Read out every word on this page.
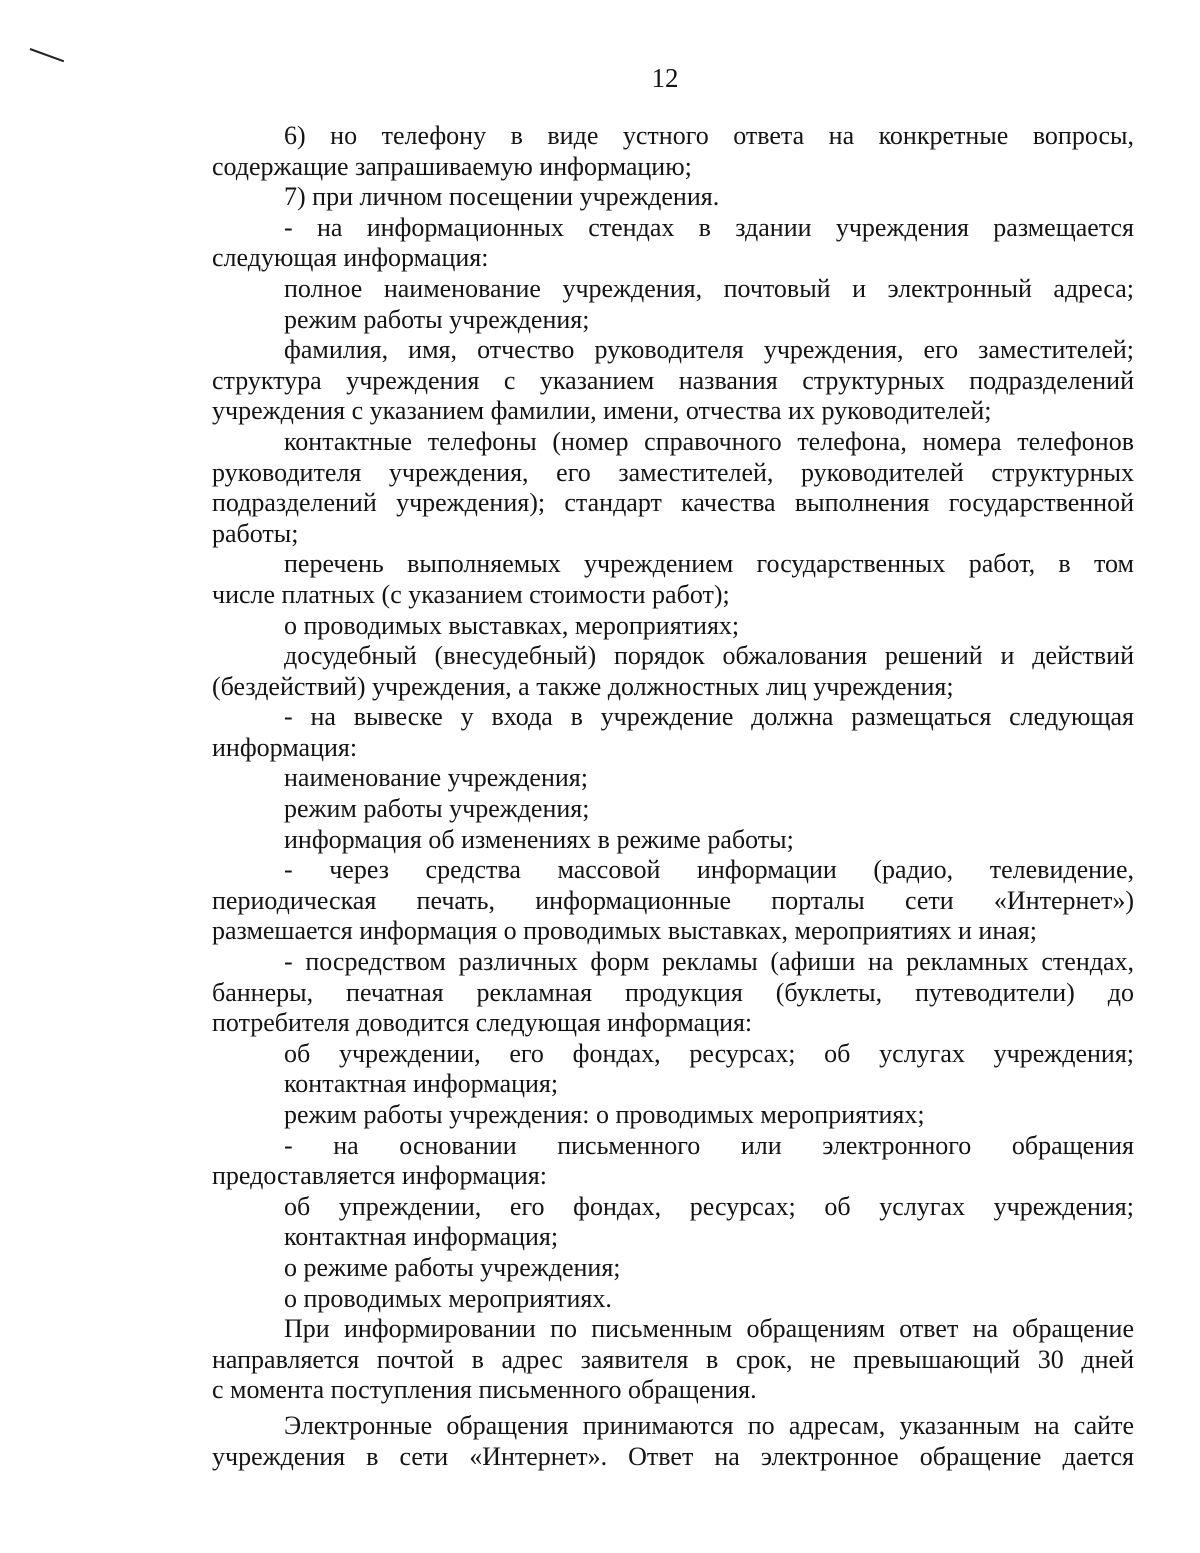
12
6) но телефону в виде устного ответа на конкретные вопросы,
содержащие запрашиваемую информацию;
7) при личном посещении учреждения.
- на информационных стендах в здании учреждения размещается
следующая информация:
полное наименование учреждения, почтовый и электронный адреса;
режим работы учреждения;
фамилия, имя, отчество руководителя учреждения, его заместителей;
структура учреждения с указанием названия структурных подразделений
учреждения с указанием фамилии, имени, отчества их руководителей;
контактные телефоны (номер справочного телефона, номера телефонов
руководителя учреждения, его заместителей, руководителей структурных
подразделений учреждения); стандарт качества выполнения государственной
работы;
перечень выполняемых учреждением государственных работ, в том
числе платных (с указанием стоимости работ);
о проводимых выставках, мероприятиях;
досудебный (внесудебный) порядок обжалования решений и действий
(бездействий) учреждения, а также должностных лиц учреждения;
- на вывеске у входа в учреждение должна размещаться следующая
информация:
наименование учреждения;
режим работы учреждения;
информация об изменениях в режиме работы;
- через средства массовой информации (радио, телевидение,
периодическая печать, информационные порталы сети «Интернет»)
размешается информация о проводимых выставках, мероприятиях и иная;
- посредством различных форм рекламы (афиши на рекламных стендах,
баннеры, печатная рекламная продукция (буклеты, путеводители) до
потребителя доводится следующая информация:
об учреждении, его фондах, ресурсах; об услугах учреждения;
контактная информация;
режим работы учреждения: о проводимых мероприятиях;
- на основании письменного или электронного обращения
предоставляется информация:
об упреждении, его фондах, ресурсах; об услугах учреждения;
контактная информация;
о режиме работы учреждения;
о проводимых мероприятиях.
При информировании по письменным обращениям ответ на обращение
направляется почтой в адрес заявителя в срок, не превышающий 30 дней
с момента поступления письменного обращения.
Электронные обращения принимаются по адресам, указанным на сайте
учреждения в сети «Интернет». Ответ на электронное обращение дается
